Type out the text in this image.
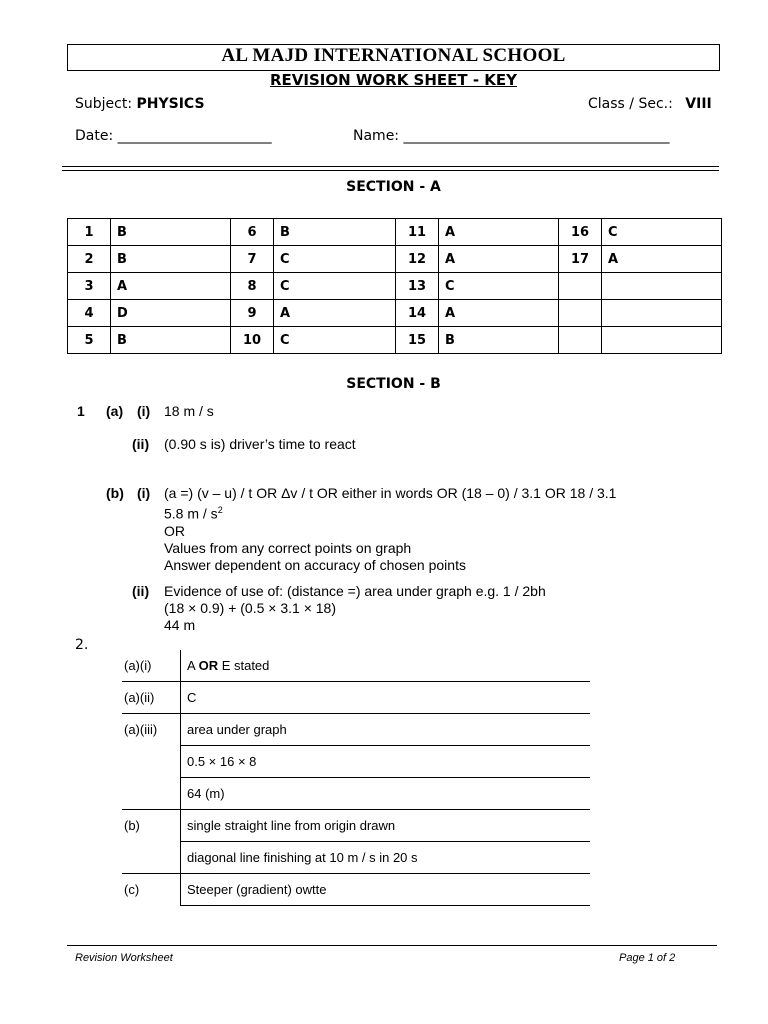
AL MAJD INTERNATIONAL SCHOOL
REVISION WORK SHEET - KEY
Subject: PHYSICS	Class / Sec.: VIII
Date: ______________________	Name: ______________________________________
SECTION - A
1	B	6	B	11	A	16	C
2	B	7	C	12	A	17	A
3	A	8	C	13	C		
4	D	9	A	14	A		
5	B	10	C	15	B		
SECTION - B
1 (a) (i) 18 m / s
(ii) (0.90 s is) driver’s time to react
(b) (i) (a =) (v – u) / t OR Δv / t OR either in words OR (18 – 0) / 3.1 OR 18 / 3.1
5.8 m / $s^2$
OR
Values from any correct points on graph
Answer dependent on accuracy of chosen points
(ii) Evidence of use of: (distance =) area under graph e.g. 1 / 2bh
(18 × 0.9) + (0.5 × 3.1 × 18)
44 m
2.
(a)(i)	A OR E stated
(a)(ii)	C
(a)(iii)	area under graph
	0.5 × 16 × 8
	64 (m)
(b)	single straight line from origin drawn
	diagonal line finishing at 10 m / s in 20 s
(c)	Steeper (gradient) owtte
Revision Worksheet	Page 1 of 2
